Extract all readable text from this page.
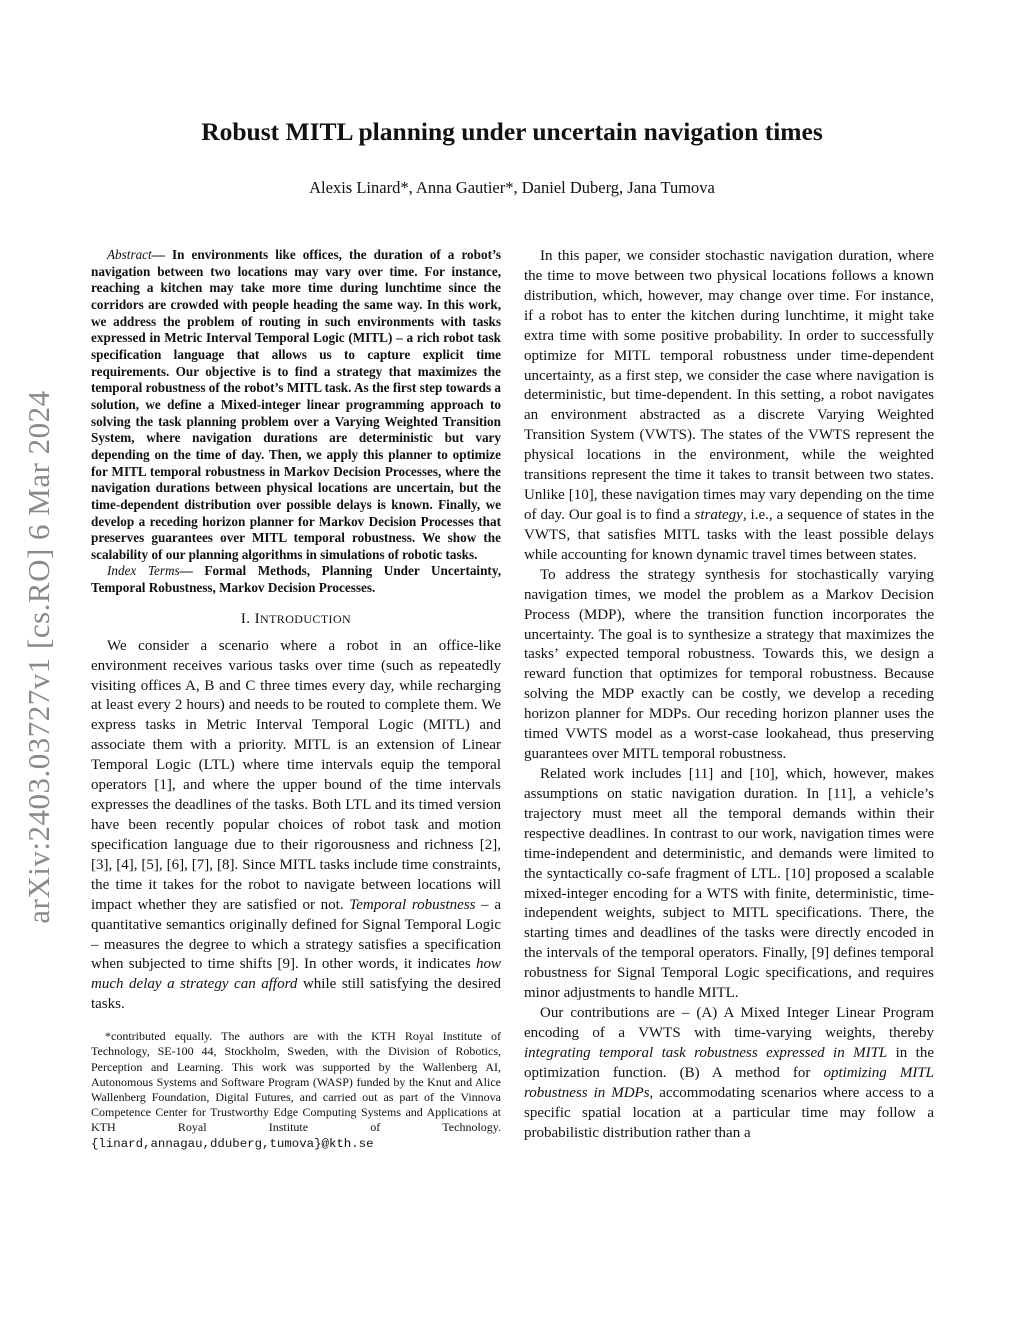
arXiv:2403.03727v1 [cs.RO] 6 Mar 2024
Robust MITL planning under uncertain navigation times
Alexis Linard*, Anna Gautier*, Daniel Duberg, Jana Tumova

Abstract— In environments like offices, the duration of a robot’s navigation between two locations may vary over time. For instance, reaching a kitchen may take more time during lunchtime since the corridors are crowded with people heading the same way. In this work, we address the problem of routing in such environments with tasks expressed in Metric Interval Temporal Logic (MITL) – a rich robot task specification language that allows us to capture explicit time requirements. Our objective is to find a strategy that maximizes the temporal robustness of the robot’s MITL task. As the first step towards a solution, we define a Mixed-integer linear programming approach to solving the task planning problem over a Varying Weighted Transition System, where navigation durations are deterministic but vary depending on the time of day. Then, we apply this planner to optimize for MITL temporal robustness in Markov Decision Processes, where the navigation durations between physical locations are uncertain, but the time-dependent distribution over possible delays is known. Finally, we develop a receding horizon planner for Markov Decision Processes that preserves guarantees over MITL temporal robustness. We show the scalability of our planning algorithms in simulations of robotic tasks.

Index Terms— Formal Methods, Planning Under Uncertainty, Temporal Robustness, Markov Decision Processes.

I. INTRODUCTION

We consider a scenario where a robot in an office-like environment receives various tasks over time (such as repeatedly visiting offices A, B and C three times every day, while recharging at least every 2 hours) and needs to be routed to complete them. We express tasks in Metric Interval Temporal Logic (MITL) and associate them with a priority. MITL is an extension of Linear Temporal Logic (LTL) where time intervals equip the temporal operators [1], and where the upper bound of the time intervals expresses the deadlines of the tasks. Both LTL and its timed version have been recently popular choices of robot task and motion specification language due to their rigorousness and richness [2], [3], [4], [5], [6], [7], [8]. Since MITL tasks include time constraints, the time it takes for the robot to navigate between locations will impact whether they are satisfied or not. Temporal robustness – a quantitative semantics originally defined for Signal Temporal Logic – measures the degree to which a strategy satisfies a specification when subjected to time shifts [9]. In other words, it indicates how much delay a strategy can afford while still satisfying the desired tasks.

*contributed equally. The authors are with the KTH Royal Institute of Technology, SE-100 44, Stockholm, Sweden, with the Division of Robotics, Perception and Learning. This work was supported by the Wallenberg AI, Autonomous Systems and Software Program (WASP) funded by the Knut and Alice Wallenberg Foundation, Digital Futures, and carried out as part of the Vinnova Competence Center for Trustworthy Edge Computing Systems and Applications at KTH Royal Institute of Technology. {linard,annagau,dduberg,tumova}@kth.se

In this paper, we consider stochastic navigation duration, where the time to move between two physical locations follows a known distribution, which, however, may change over time. For instance, if a robot has to enter the kitchen during lunchtime, it might take extra time with some positive probability. In order to successfully optimize for MITL temporal robustness under time-dependent uncertainty, as a first step, we consider the case where navigation is deterministic, but time-dependent. In this setting, a robot navigates an environment abstracted as a discrete Varying Weighted Transition System (VWTS). The states of the VWTS represent the physical locations in the environment, while the weighted transitions represent the time it takes to transit between two states. Unlike [10], these navigation times may vary depending on the time of day. Our goal is to find a strategy, i.e., a sequence of states in the VWTS, that satisfies MITL tasks with the least possible delays while accounting for known dynamic travel times between states.

To address the strategy synthesis for stochastically varying navigation times, we model the problem as a Markov Decision Process (MDP), where the transition function incorporates the uncertainty. The goal is to synthesize a strategy that maximizes the tasks’ expected temporal robustness. Towards this, we design a reward function that optimizes for temporal robustness. Because solving the MDP exactly can be costly, we develop a receding horizon planner for MDPs. Our receding horizon planner uses the timed VWTS model as a worst-case lookahead, thus preserving guarantees over MITL temporal robustness.

Related work includes [11] and [10], which, however, makes assumptions on static navigation duration. In [11], a vehicle’s trajectory must meet all the temporal demands within their respective deadlines. In contrast to our work, navigation times were time-independent and deterministic, and demands were limited to the syntactically co-safe fragment of LTL. [10] proposed a scalable mixed-integer encoding for a WTS with finite, deterministic, time-independent weights, subject to MITL specifications. There, the starting times and deadlines of the tasks were directly encoded in the intervals of the temporal operators. Finally, [9] defines temporal robustness for Signal Temporal Logic specifications, and requires minor adjustments to handle MITL.

Our contributions are – (A) A Mixed Integer Linear Program encoding of a VWTS with time-varying weights, thereby integrating temporal task robustness expressed in MITL in the optimization function. (B) A method for optimizing MITL robustness in MDPs, accommodating scenarios where access to a specific spatial location at a particular time may follow a probabilistic distribution rather than a
